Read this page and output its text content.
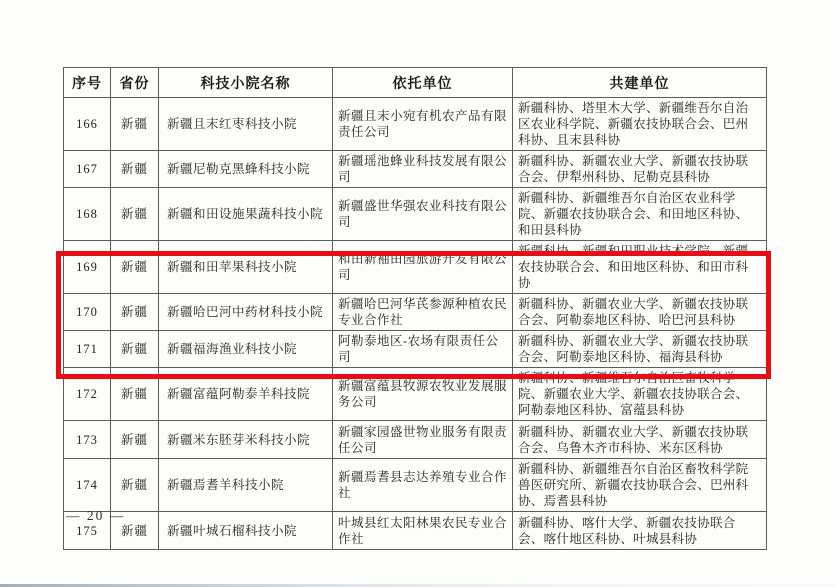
序号	省份	科技小院名称	依托单位	共建单位
166	新疆	新疆且末红枣科技小院	新疆且末小宛有机农产品有限责任公司	新疆科协、塔里木大学、新疆维吾尔自治区农业科学院、新疆农技协联合会、巴州科协、且末县科协
167	新疆	新疆尼勒克黑蜂科技小院	新疆瑶池蜂业科技发展有限公司	新疆科协、新疆农业大学、新疆农技协联合会、伊犁州科协、尼勒克县科协
168	新疆	新疆和田设施果蔬科技小院	新疆盛世华强农业科技有限公司	新疆科协、新疆维吾尔自治区农业科学院、新疆农技协联合会、和田地区科协、和田县科协
169	新疆	新疆和田苹果科技小院	和田新袖田园旅游开发有限公司	新疆科协、新疆和田职业技术学院、新疆农技协联合会、和田地区科协、和田市科协
170	新疆	新疆哈巴河中药材科技小院	新疆哈巴河华芪参源种植农民专业合作社	新疆科协、新疆农业大学、新疆农技协联合会、阿勒泰地区科协、哈巴河县科协
171	新疆	新疆福海渔业科技小院	阿勒泰地区-农场有限责任公司	新疆科协、新疆农业大学、新疆农技协联合会、阿勒泰地区科协、福海县科协
172	新疆	新疆富蕴阿勒泰羊科技院	新疆富蕴县牧源农牧业发展服务公司	新疆科协、新疆维吾尔自治区畜牧科学院、新疆农业大学、新疆农技协联合会、阿勒泰地区科协、富蕴县科协
173	新疆	新疆米东胚芽米科技小院	新疆家园盛世物业服务有限责任公司	新疆科协、新疆农业大学、新疆农技协联合会、乌鲁木齐市科协、米东区科协
174	新疆	新疆焉耆羊科技小院	新疆焉耆县志达养殖专业合作社	新疆科协、新疆维吾尔自治区畜牧科学院兽医研究所、新疆农技协联合会、巴州科协、焉耆县科协
175	新疆	新疆叶城石榴科技小院	叶城县红太阳林果农民专业合作社	新疆科协、喀什大学、新疆农技协联合会、喀什地区科协、叶城县科协
— 20 —
